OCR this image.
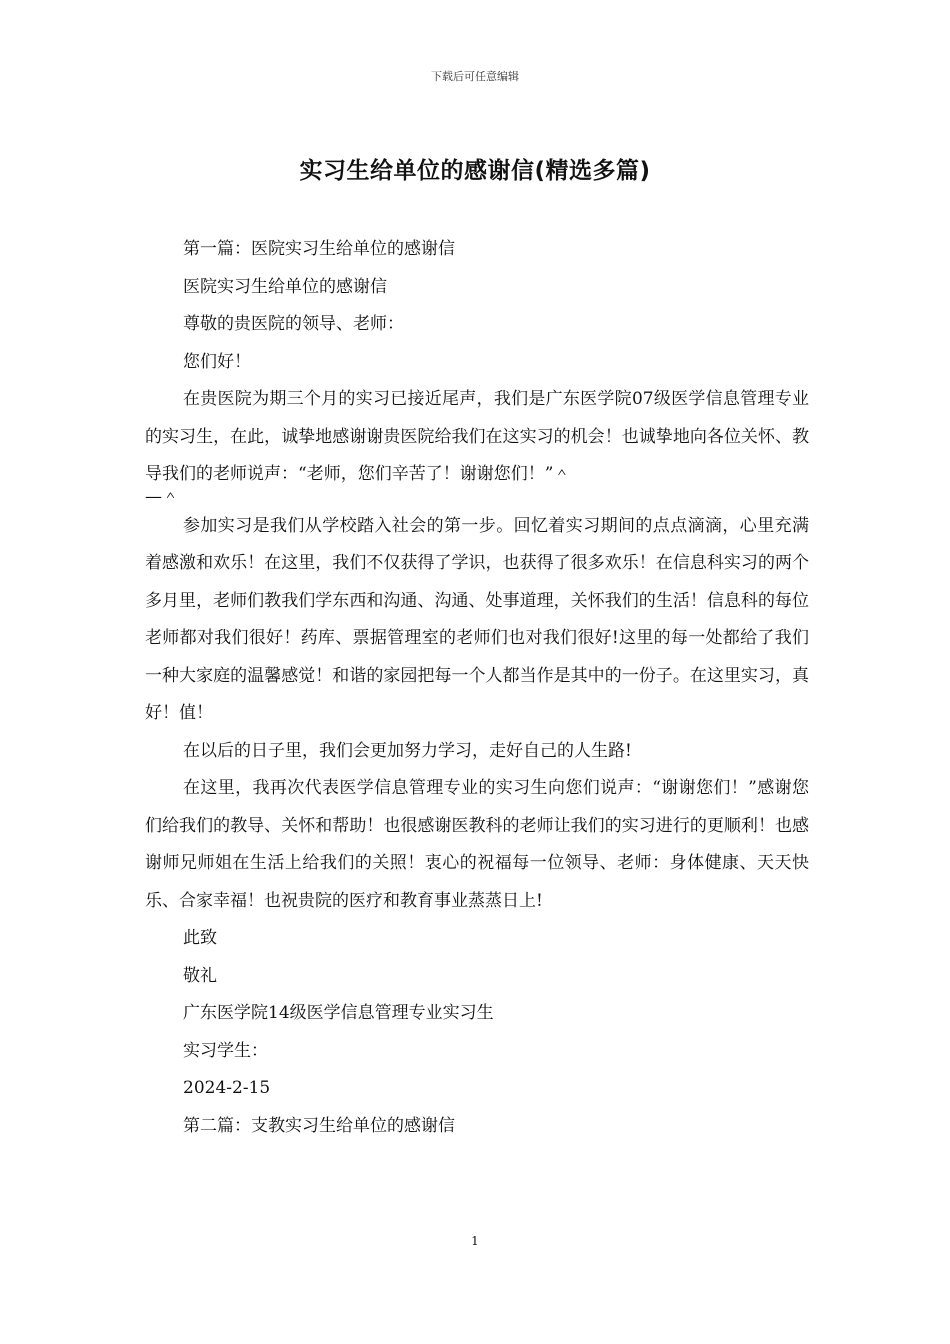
下载后可任意编辑
实习生给单位的感谢信(精选多篇)

第一篇：医院实习生给单位的感谢信

医院实习生给单位的感谢信

尊敬的贵医院的领导、老师：

您们好！

在贵医院为期三个月的实习已接近尾声，我们是广东医学院07级医学信息管理专业的实习生，在此，诚挚地感谢谢贵医院给我们在这实习的机会！也诚挚地向各位关怀、教导我们的老师说声：“老师，您们辛苦了！谢谢您们！”＾

—＾

参加实习是我们从学校踏入社会的第一步。回忆着实习期间的点点滴滴，心里充满着感激和欢乐！在这里，我们不仅获得了学识，也获得了很多欢乐！在信息科实习的两个多月里，老师们教我们学东西和沟通、沟通、处事道理，关怀我们的生活！信息科的每位老师都对我们很好！药库、票据管理室的老师们也对我们很好!这里的每一处都给了我们一种大家庭的温馨感觉！和谐的家园把每一个人都当作是其中的一份子。在这里实习，真好！值！

在以后的日子里，我们会更加努力学习，走好自己的人生路!

在这里，我再次代表医学信息管理专业的实习生向您们说声：“谢谢您们！”感谢您们给我们的教导、关怀和帮助！也很感谢医教科的老师让我们的实习进行的更顺利！也感谢师兄师姐在生活上给我们的关照！衷心的祝福每一位领导、老师：身体健康、天天快乐、合家幸福！也祝贵院的医疗和教育事业蒸蒸日上!

此致

敬礼

广东医学院14级医学信息管理专业实习生

实习学生：

2024-2-15

第二篇：支教实习生给单位的感谢信

1
